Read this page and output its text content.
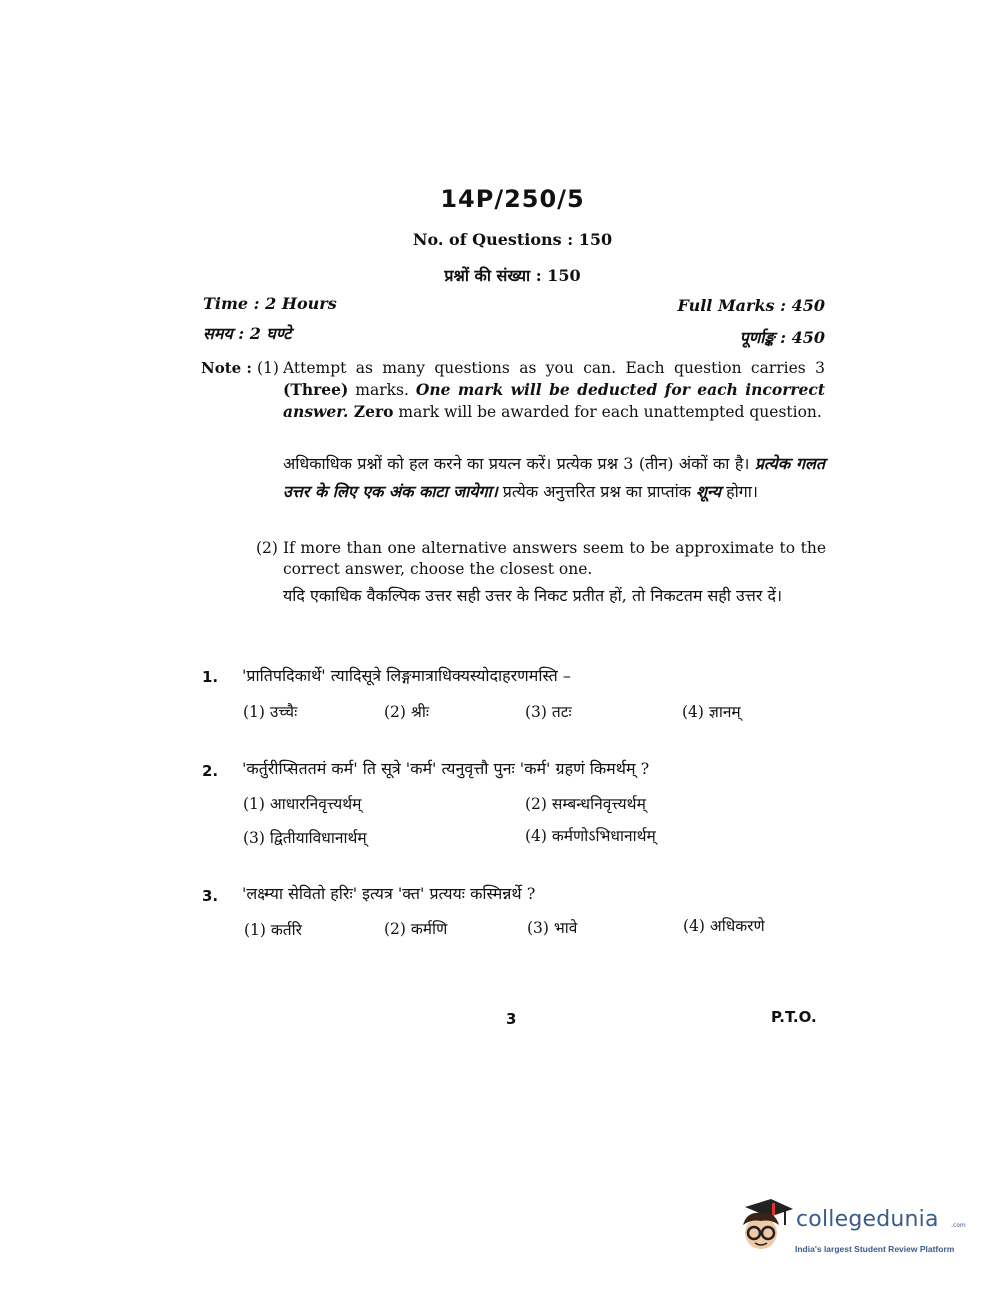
14P/250/5
No. of Questions : 150
प्रश्नों की संख्या : 150
Time : 2 Hours
समय : 2 घण्टे
Full Marks : 450
पूर्णाङ्क : 450
Note : (1) Attempt as many questions as you can. Each question carries 3 (Three) marks. One mark will be deducted for each incorrect answer. Zero mark will be awarded for each unattempted question.
अधिकाधिक प्रश्नों को हल करने का प्रयत्न करें। प्रत्येक प्रश्न 3 (तीन) अंकों का है। प्रत्येक गलत उत्तर के लिए एक अंक काटा जायेगा। प्रत्येक अनुत्तरित प्रश्न का प्राप्तांक शून्य होगा।
(2) If more than one alternative answers seem to be approximate to the correct answer, choose the closest one.
यदि एकाधिक वैकल्पिक उत्तर सही उत्तर के निकट प्रतीत हों, तो निकटतम सही उत्तर दें।
1. 'प्रातिपदिकार्थे' त्यादिसूत्रे लिङ्गमात्राधिक्यस्योदाहरणमस्ति –
(1) उच्चैः	(2) श्रीः	(3) तटः	(4) ज्ञानम्
2. 'कर्तुरीप्सिततमं कर्म' ति सूत्रे 'कर्म' त्यनुवृत्तौ पुनः 'कर्म' ग्रहणं किमर्थम् ?
(1) आधारनिवृत्त्यर्थम्	(2) सम्बन्धनिवृत्त्यर्थम्
(3) द्वितीयाविधानार्थम्	(4) कर्मणोऽभिधानार्थम्
3. 'लक्ष्म्या सेवितो हरिः' इत्यत्र 'क्त' प्रत्ययः कस्मिन्नर्थे ?
(1) कर्तरि	(2) कर्मणि	(3) भावे	(4) अधिकरणे
3	P.T.O.
collegedunia .com
India's largest Student Review Platform
